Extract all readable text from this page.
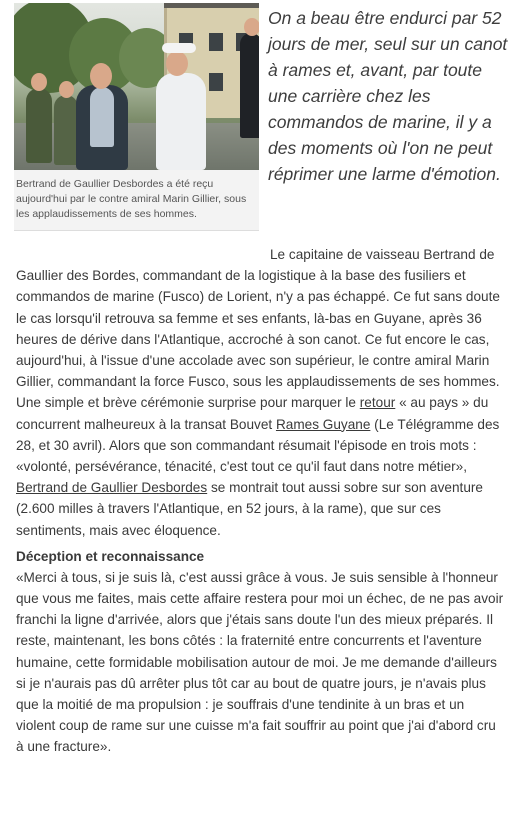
Bertrand de Gaullier Desbordes a été reçu aujourd'hui par le contre amiral Marin Gillier, sous les applaudissements de ses hommes.

On a beau être endurci par 52 jours de mer, seul sur un canot à rames et, avant, par toute une carrière chez les commandos de marine, il y a des moments où l'on ne peut réprimer une larme d'émotion.

Le capitaine de vaisseau Bertrand de Gaullier des Bordes, commandant de la logistique à la base des fusiliers et commandos de marine (Fusco) de Lorient, n'y a pas échappé. Ce fut sans doute le cas lorsqu'il retrouva sa femme et ses enfants, là-bas en Guyane, après 36 heures de dérive dans l'Atlantique, accroché à son canot. Ce fut encore le cas, aujourd'hui, à l'issue d'une accolade avec son supérieur, le contre amiral Marin Gillier, commandant la force Fusco, sous les applaudissements de ses hommes. Une simple et brève cérémonie surprise pour marquer le retour « au pays » du concurrent malheureux à la transat Bouvet Rames Guyane (Le Télégramme des 28, et 30 avril). Alors que son commandant résumait l'épisode en trois mots : «volonté, persévérance, ténacité, c'est tout ce qu'il faut dans notre métier», Bertrand de Gaullier Desbordes se montrait tout aussi sobre sur son aventure (2.600 milles à travers l'Atlantique, en 52 jours, à la rame), que sur ces sentiments, mais avec éloquence.

Déception et reconnaissance

«Merci à tous, si je suis là, c'est aussi grâce à vous. Je suis sensible à l'honneur que vous me faites, mais cette affaire restera pour moi un échec, de ne pas avoir franchi la ligne d'arrivée, alors que j'étais sans doute l'un des mieux préparés. Il reste, maintenant, les bons côtés : la fraternité entre concurrents et l'aventure humaine, cette formidable mobilisation autour de moi. Je me demande d'ailleurs si je n'aurais pas dû arrêter plus tôt car au bout de quatre jours, je n'avais plus que la moitié de ma propulsion : je souffrais d'une tendinite à un bras et un violent coup de rame sur une cuisse m'a fait souffrir au point que j'ai d'abord cru à une fracture».
